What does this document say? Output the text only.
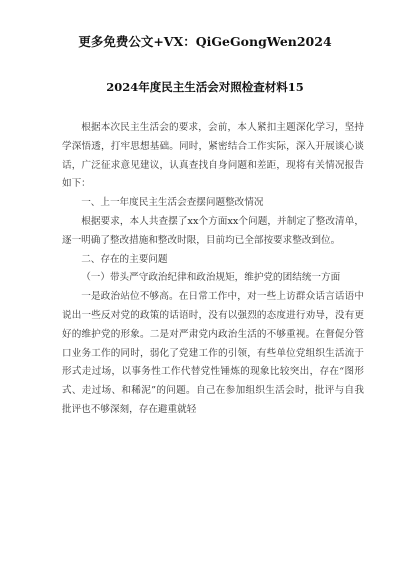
更多免费公文+VX：QiGeGongWen2024
2024年度民主生活会对照检查材料15

根据本次民主生活会的要求，会前，本人紧扣主题深化学习，坚持学深悟透，打牢思想基础。同时，紧密结合工作实际，深入开展谈心谈话，广泛征求意见建议，认真查找自身问题和差距，现将有关情况报告如下：

一、上一年度民主生活会查摆问题整改情况

根据要求，本人共查摆了xx个方面xx个问题，并制定了整改清单，逐一明确了整改措施和整改时限，目前均已全部按要求整改到位。

二、存在的主要问题

（一）带头严守政治纪律和政治规矩，维护党的团结统一方面

一是政治站位不够高。在日常工作中，对一些上访群众话言话语中说出一些反对党的政策的话语时，没有以强烈的态度进行劝导，没有更好的维护党的形象。二是对严肃党内政治生活的不够重视。在督促分管口业务工作的同时，弱化了党建工作的引领，有些单位党组织生活流于形式走过场，以事务性工作代替党性锤炼的现象比较突出，存在“图形式、走过场、和稀泥”的问题。自己在参加组织生活会时，批评与自我批评也不够深刻，存在避重就轻
